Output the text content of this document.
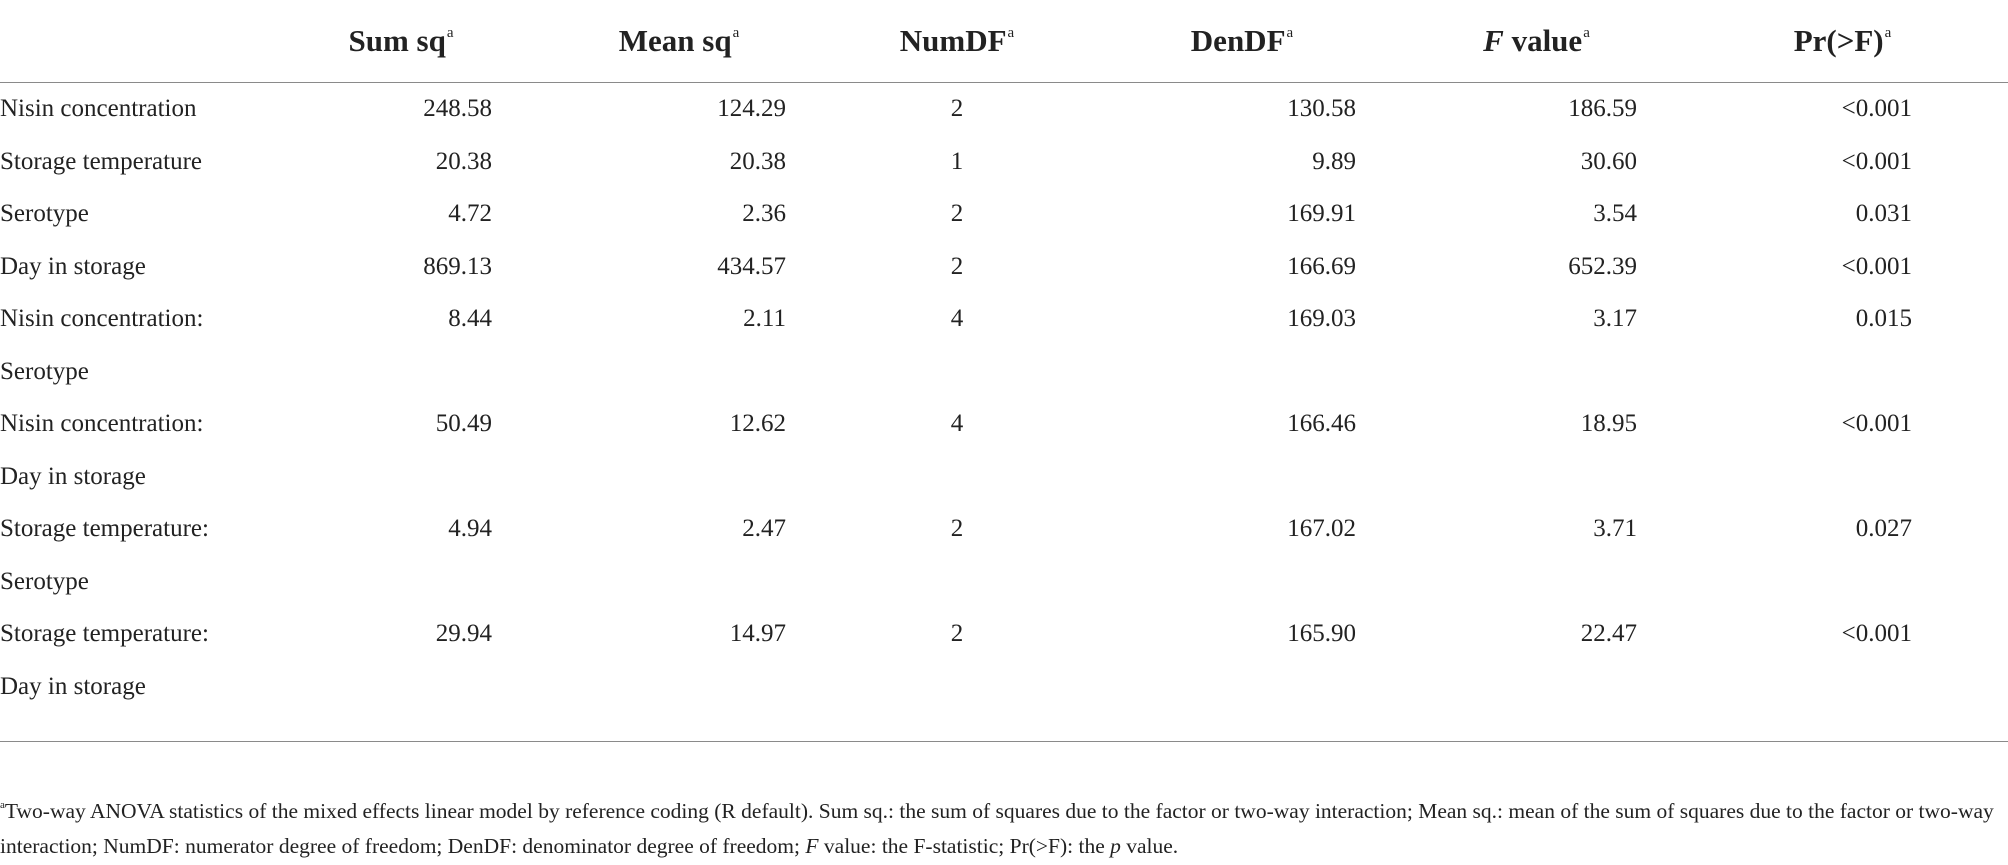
	Sum $sq^a$	Mean $sq^a$	NumDF$^a$	DenDF$^a$	F value$^a$	Pr(>F)$^a$
Nisin concentration	248.58	124.29	2	130.58	186.59	<0.001
Storage temperature	20.38	20.38	1	9.89	30.60	<0.001
Serotype	4.72	2.36	2	169.91	3.54	0.031
Day in storage	869.13	434.57	2	166.69	652.39	<0.001
Nisin concentration:	8.44	2.11	4	169.03	3.17	0.015
Serotype						
Nisin concentration:	50.49	12.62	4	166.46	18.95	<0.001
Day in storage						
Storage temperature:	4.94	2.47	2	167.02	3.71	0.027
Serotype						
Storage temperature:	29.94	14.97	2	165.90	22.47	<0.001
Day in storage						

$^a$Two-way ANOVA statistics of the mixed effects linear model by reference coding (R default). Sum sq.: the sum of squares due to the factor or two-way interaction; Mean sq.: mean of the sum of squares due to the factor or two-way interaction; NumDF: numerator degree of freedom; DenDF: denominator degree of freedom; F value: the F-statistic; Pr(>F): the p value.
